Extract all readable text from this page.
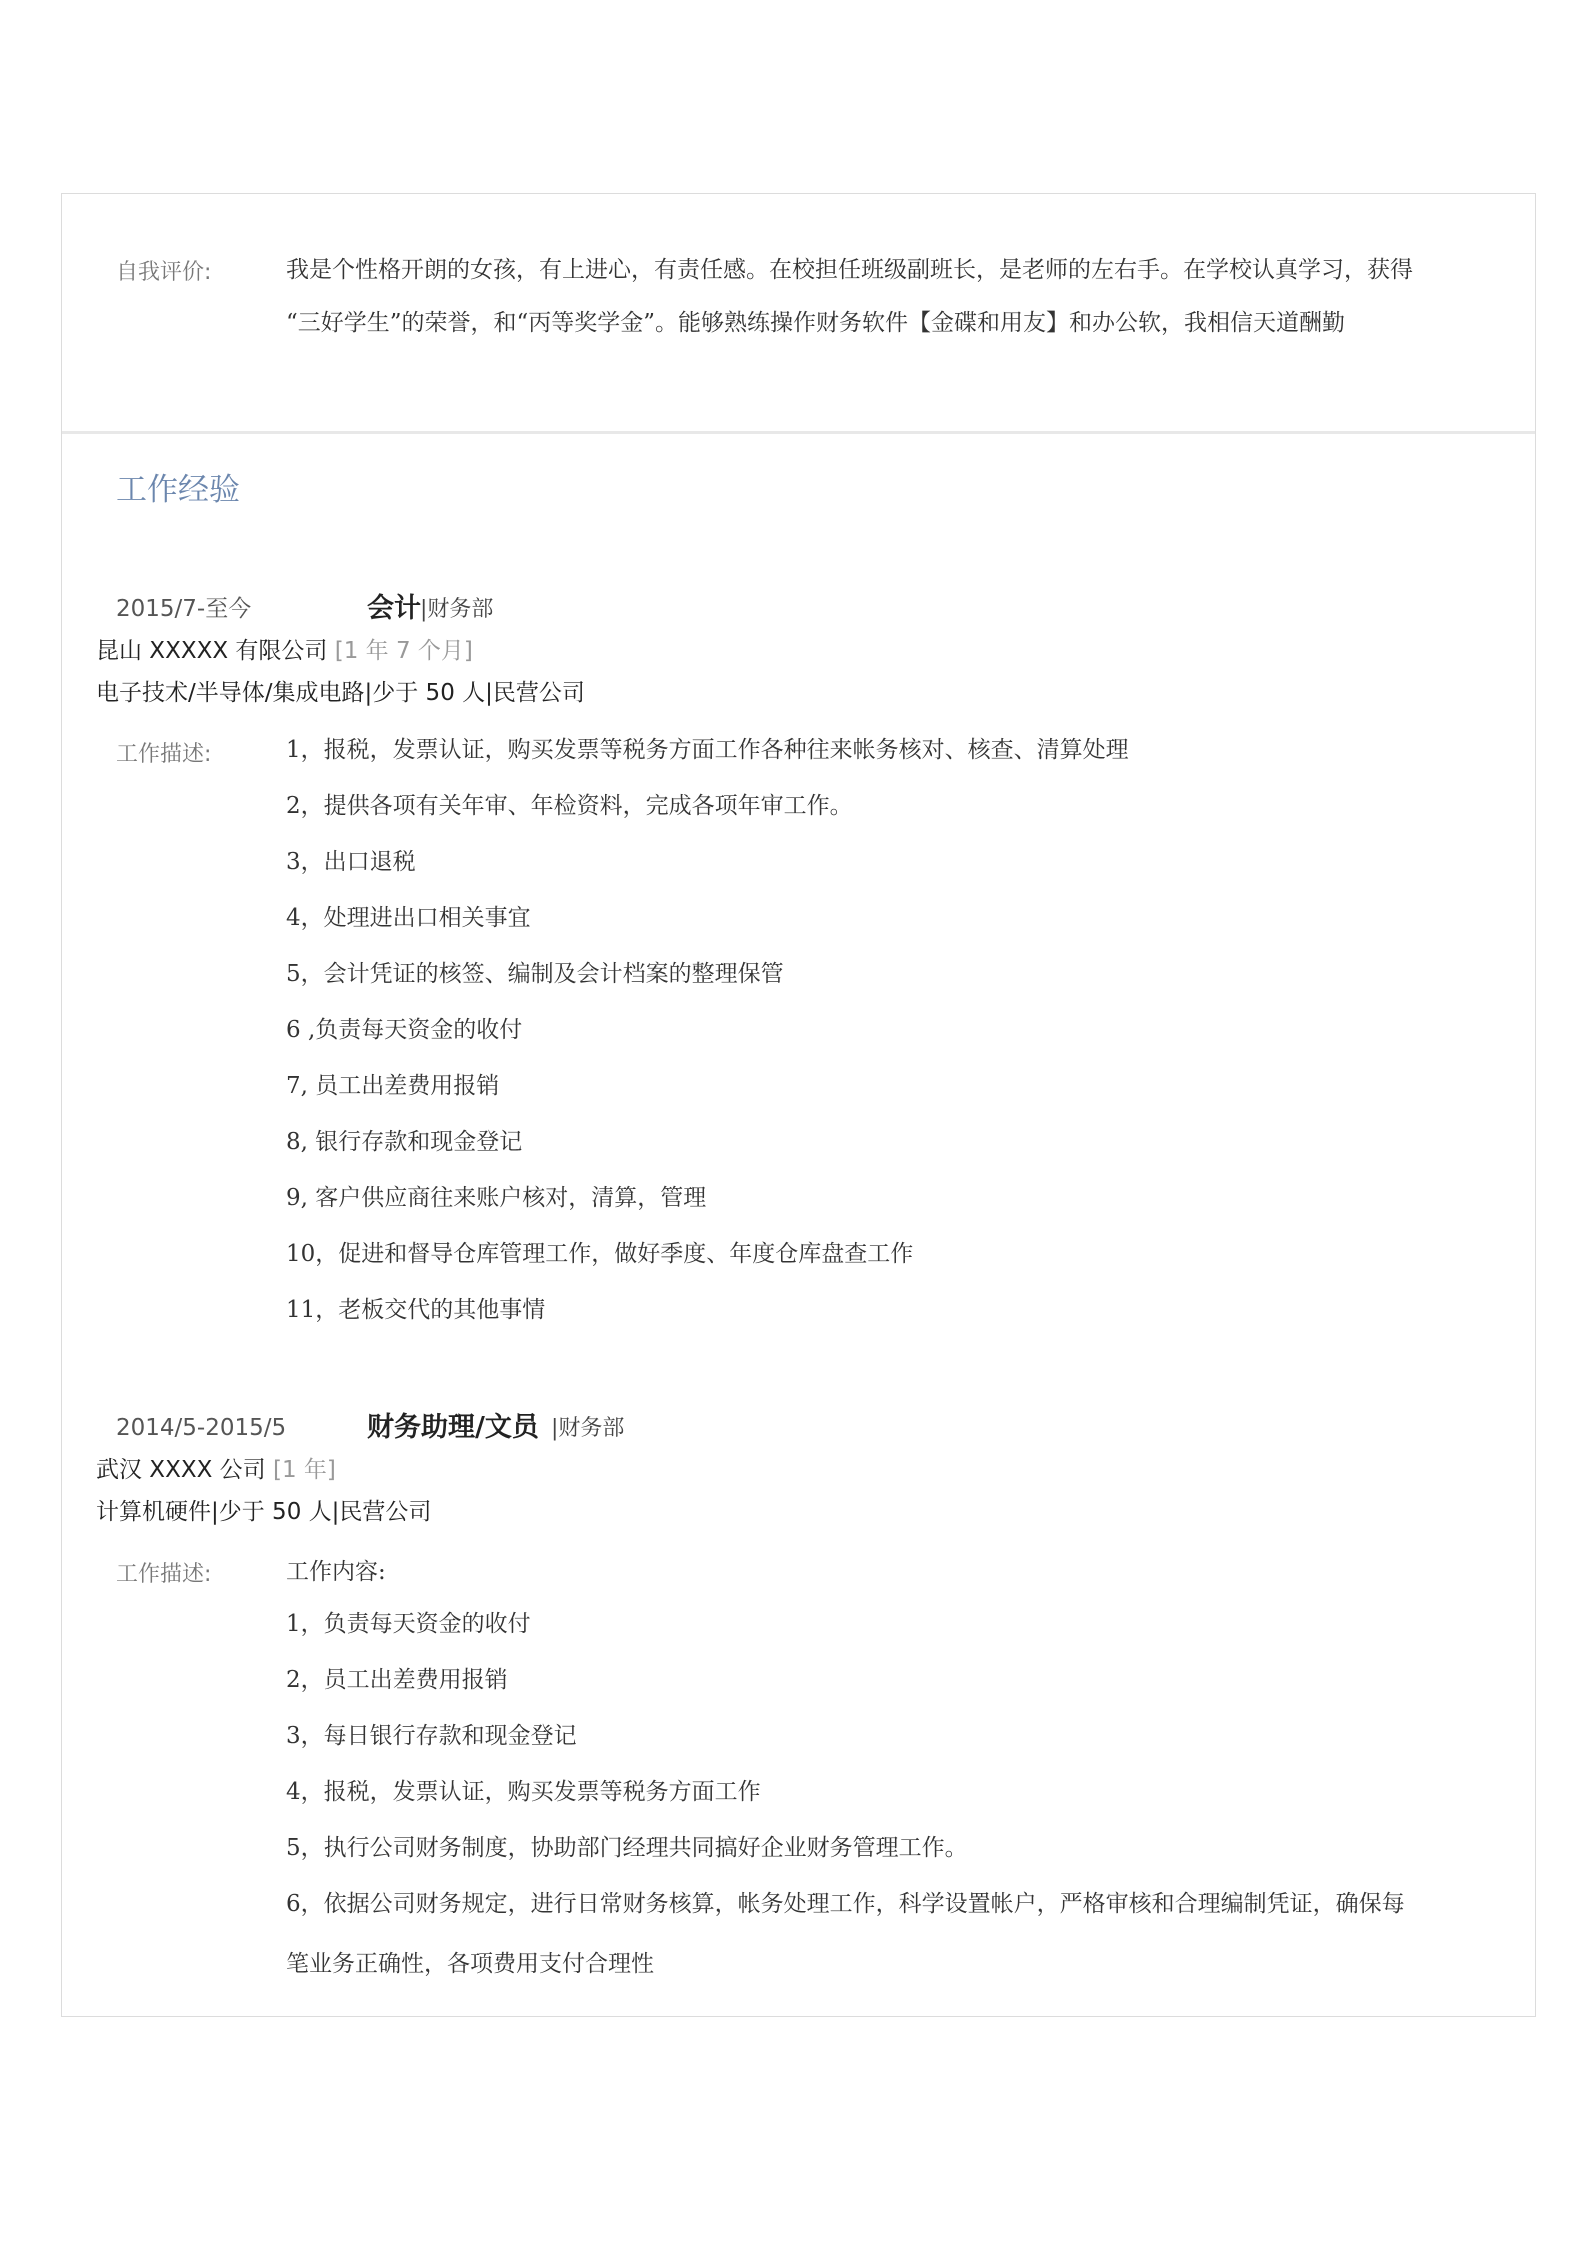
自我评价:	我是个性格开朗的女孩，有上进心，有责任感。在校担任班级副班长，是老师的左右手。在学校认真学习，获得
“三好学生”的荣誉，和“丙等奖学金”。能够熟练操作财务软件【金碟和用友】和办公软，我相信天道酬勤
工作经验
2015/7-至今	会计 |财务部
昆山 XXXXX 有限公司 [1 年 7 个月]
电子技术/半导体/集成电路|少于 50 人|民营公司
工作描述:	1，报税，发票认证，购买发票等税务方面工作各种往来帐务核对、核查、清算处理
2，提供各项有关年审、年检资料，完成各项年审工作。
3，出口退税
4，处理进出口相关事宜
5，会计凭证的核签、编制及会计档案的整理保管
6 ,负责每天资金的收付
7, 员工出差费用报销
8, 银行存款和现金登记
9, 客户供应商往来账户核对，清算，管理
10，促进和督导仓库管理工作，做好季度、年度仓库盘查工作
11，老板交代的其他事情
2014/5-2015/5	财务助理/文员 |财务部
武汉 XXXX 公司 [1 年]
计算机硬件|少于 50 人|民营公司
工作描述:	工作内容:
1，负责每天资金的收付
2，员工出差费用报销
3，每日银行存款和现金登记
4，报税，发票认证，购买发票等税务方面工作
5，执行公司财务制度，协助部门经理共同搞好企业财务管理工作。
6，依据公司财务规定，进行日常财务核算，帐务处理工作，科学设置帐户，严格审核和合理编制凭证，确保每
笔业务正确性，各项费用支付合理性
